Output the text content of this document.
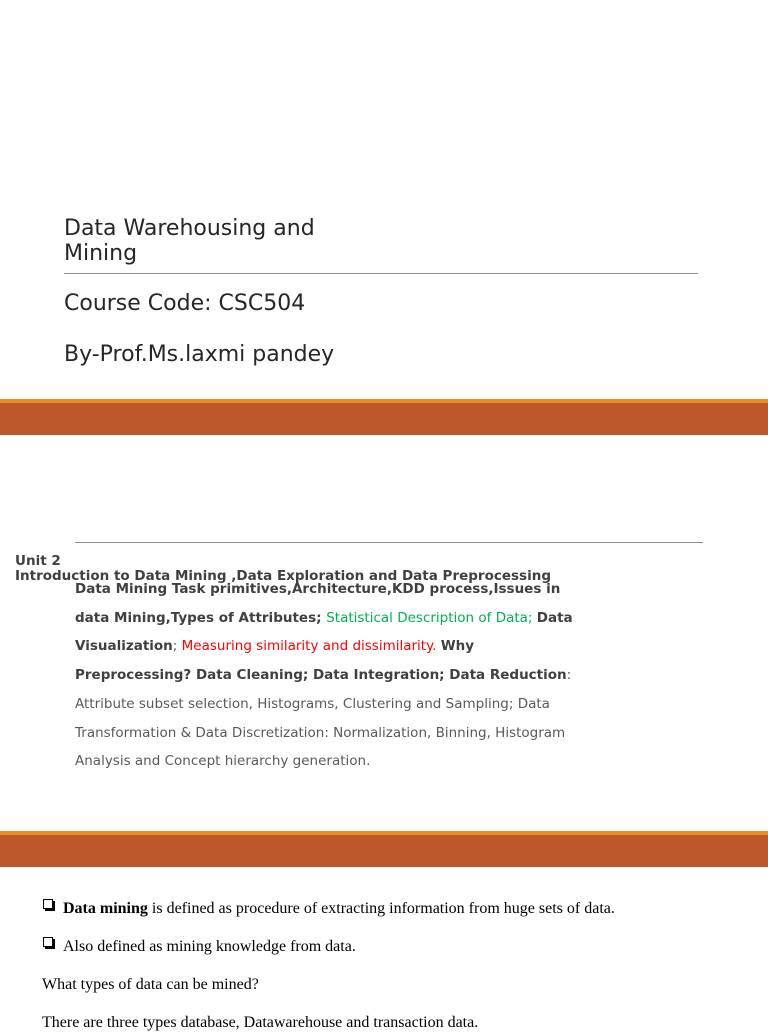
Data Warehousing and Mining

Course Code: CSC504

By-Prof.Ms.laxmi pandey

Unit 2
Introduction to Data Mining ,Data Exploration and Data Preprocessing

Data Mining Task primitives,Architecture,KDD process,Issues in data Mining,Types of Attributes; Statistical Description of Data; Data Visualization; Measuring similarity and dissimilarity. Why Preprocessing? Data Cleaning; Data Integration; Data Reduction: Attribute subset selection, Histograms, Clustering and Sampling; Data Transformation & Data Discretization: Normalization, Binning, Histogram Analysis and Concept hierarchy generation.

Data mining is defined as procedure of extracting information from huge sets of data.

Also defined as mining knowledge from data.

What types of data can be mined?

There are three types database, Datawarehouse and transaction data.
